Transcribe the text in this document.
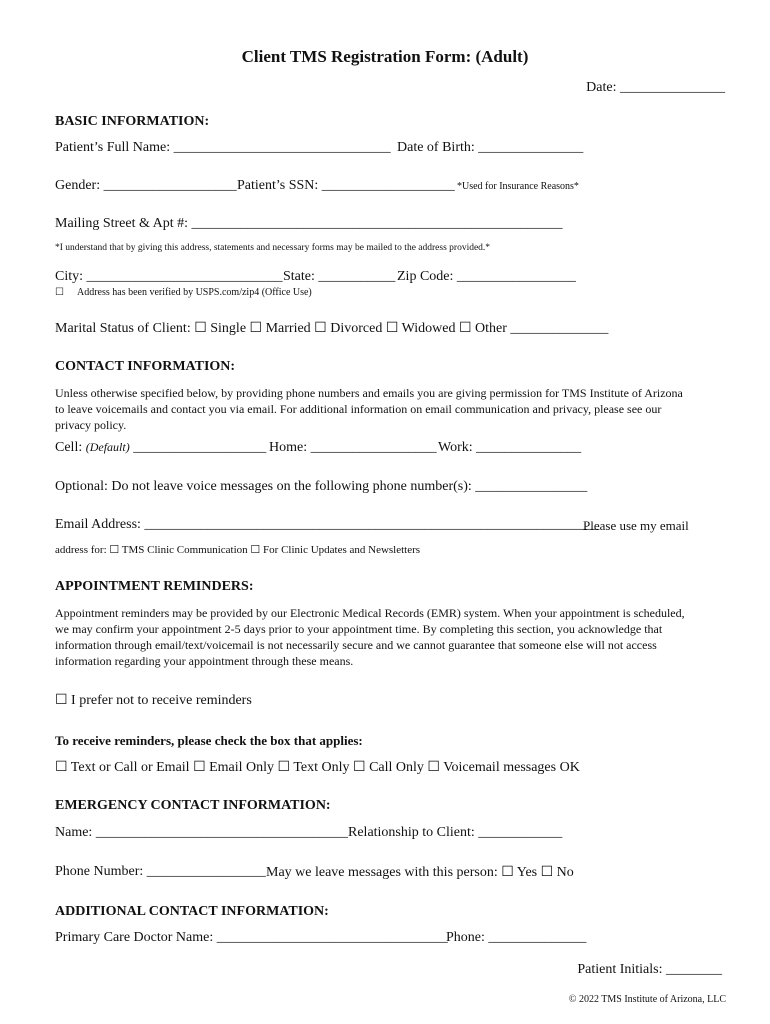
Client TMS Registration Form: (Adult)
Date: _______________
BASIC INFORMATION:
Patient’s Full Name: _______________________________ Date of Birth: _______________
Gender: ___________________ Patient’s SSN: ___________________ *Used for Insurance Reasons*
Mailing Street & Apt #: _____________________________________________________
*I understand that by giving this address, statements and necessary forms may be mailed to the address provided.*
City: ____________________________ State: ___________ Zip Code: _________________
☐ Address has been verified by USPS.com/zip4 (Office Use)
Marital Status of Client: ☐ Single ☐ Married ☐ Divorced ☐ Widowed ☐ Other ______________
CONTACT INFORMATION:
Unless otherwise specified below, by providing phone numbers and emails you are giving permission for TMS Institute of Arizona
to leave voicemails and contact you via email. For additional information on email communication and privacy, please see our
privacy policy.
Cell: (Default) ___________________ Home: __________________ Work: _______________
Optional: Do not leave voice messages on the following phone number(s): ________________
Email Address: _________________________________________________________________
Please use my email
address for: ☐ TMS Clinic Communication ☐ For Clinic Updates and Newsletters
APPOINTMENT REMINDERS:
Appointment reminders may be provided by our Electronic Medical Records (EMR) system. When your appointment is scheduled,
we may confirm your appointment 2-5 days prior to your appointment time. By completing this section, you acknowledge that
information through email/text/voicemail is not necessarily secure and we cannot guarantee that someone else will not access
information regarding your appointment through these means.
☐ I prefer not to receive reminders
To receive reminders, please check the box that applies:
☐ Text or Call or Email ☐ Email Only ☐ Text Only ☐ Call Only ☐ Voicemail messages OK
EMERGENCY CONTACT INFORMATION:
Name: ____________________________________ Relationship to Client: ____________
Phone Number: _________________ May we leave messages with this person: ☐ Yes ☐ No
ADDITIONAL CONTACT INFORMATION:
Primary Care Doctor Name: _________________________________
Phone: ______________
Patient Initials: ________
© 2022 TMS Institute of Arizona, LLC
